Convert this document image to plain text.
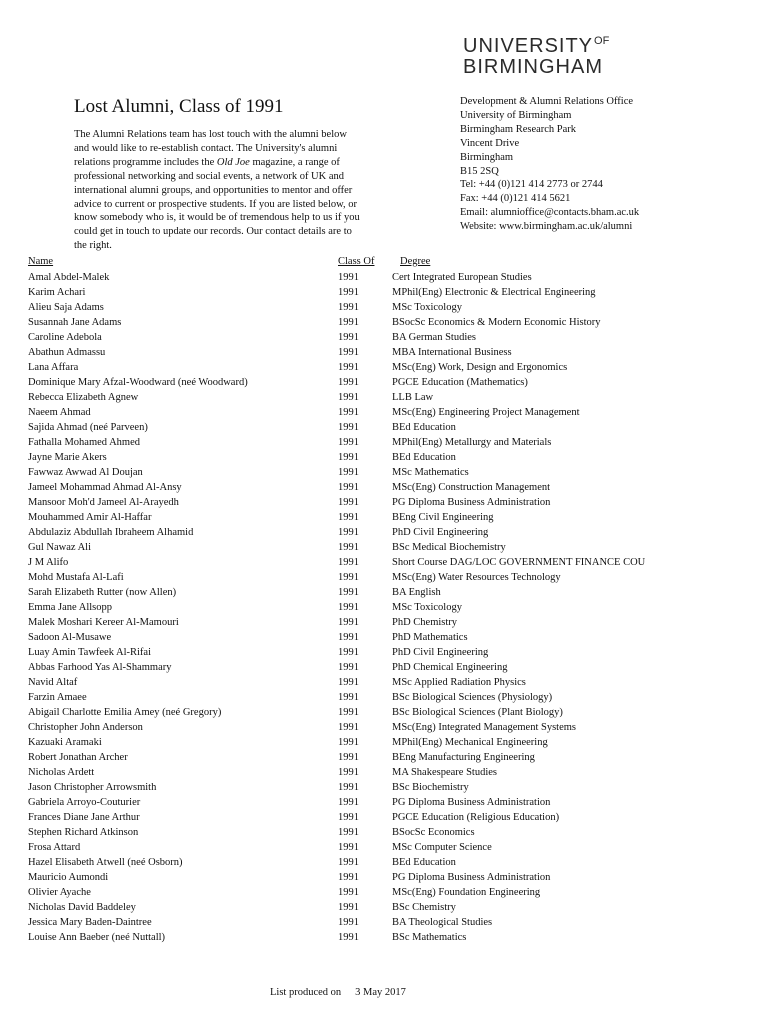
$UNIVERSITY^{OF}$
BIRMINGHAM
Lost Alumni, Class of 1991

The Alumni Relations team has lost touch with the alumni below and would like to re-establish contact. The University's alumni relations programme includes the Old Joe magazine, a range of professional networking and social events, a network of UK and international alumni groups, and opportunities to mentor and offer advice to current or prospective students. If you are listed below, or know somebody who is, it would be of tremendous help to us if you could get in touch to update our records. Our contact details are to the right.

Development & Alumni Relations Office
University of Birmingham
Birmingham Research Park
Vincent Drive
Birmingham
B15 2SQ
Tel: +44 (0)121 414 2773 or 2744
Fax: +44 (0)121 414 5621
Email: alumnioffice@contacts.bham.ac.uk
Website: www.birmingham.ac.uk/alumni
Name	Class Of Degree
Amal Abdel-Malek	1991	Cert Integrated European Studies
Karim Achari	1991	MPhil(Eng) Electronic & Electrical Engineering
Alieu Saja Adams	1991	MSc Toxicology
Susannah Jane Adams	1991	BSocSc Economics & Modern Economic History
Caroline Adebola	1991	BA German Studies
Abathun Admassu	1991	MBA International Business
Lana Affara	1991	MSc(Eng) Work, Design and Ergonomics
Dominique Mary Afzal-Woodward (neé Woodward)	1991	PGCE Education (Mathematics)
Rebecca Elizabeth Agnew	1991	LLB Law
Naeem Ahmad	1991	MSc(Eng) Engineering Project Management
Sajida Ahmad (neé Parveen)	1991	BEd Education
Fathalla Mohamed Ahmed	1991	MPhil(Eng) Metallurgy and Materials
Jayne Marie Akers	1991	BEd Education
Fawwaz Awwad Al Doujan	1991	MSc Mathematics
Jameel Mohammad Ahmad Al-Ansy	1991	MSc(Eng) Construction Management
Mansoor Moh'd Jameel Al-Arayedh	1991	PG Diploma Business Administration
Mouhammed Amir Al-Haffar	1991	BEng Civil Engineering
Abdulaziz Abdullah Ibraheem Alhamid	1991	PhD Civil Engineering
Gul Nawaz Ali	1991	BSc Medical Biochemistry
J M Alifo	1991	Short Course DAG/LOC GOVERNMENT FINANCE COU
Mohd Mustafa Al-Lafi	1991	MSc(Eng) Water Resources Technology
Sarah Elizabeth Rutter (now Allen)	1991	BA English
Emma Jane Allsopp	1991	MSc Toxicology
Malek Moshari Kereer Al-Mamouri	1991	PhD Chemistry
Sadoon Al-Musawe	1991	PhD Mathematics
Luay Amin Tawfeek Al-Rifai	1991	PhD Civil Engineering
Abbas Farhood Yas Al-Shammary	1991	PhD Chemical Engineering
Navid Altaf	1991	MSc Applied Radiation Physics
Farzin Amaee	1991	BSc Biological Sciences (Physiology)
Abigail Charlotte Emilia Amey (neé Gregory)	1991	BSc Biological Sciences (Plant Biology)
Christopher John Anderson	1991	MSc(Eng) Integrated Management Systems
Kazuaki Aramaki	1991	MPhil(Eng) Mechanical Engineering
Robert Jonathan Archer	1991	BEng Manufacturing Engineering
Nicholas Ardett	1991	MA Shakespeare Studies
Jason Christopher Arrowsmith	1991	BSc Biochemistry
Gabriela Arroyo-Couturier	1991	PG Diploma Business Administration
Frances Diane Jane Arthur	1991	PGCE Education (Religious Education)
Stephen Richard Atkinson	1991	BSocSc Economics
Frosa Attard	1991	MSc Computer Science
Hazel Elisabeth Atwell (neé Osborn)	1991	BEd Education
Mauricio Aumondi	1991	PG Diploma Business Administration
Olivier Ayache	1991	MSc(Eng) Foundation Engineering
Nicholas David Baddeley	1991	BSc Chemistry
Jessica Mary Baden-Daintree	1991	BA Theological Studies
Louise Ann Baeber (neé Nuttall)	1991	BSc Mathematics
List produced on 3 May 2017
